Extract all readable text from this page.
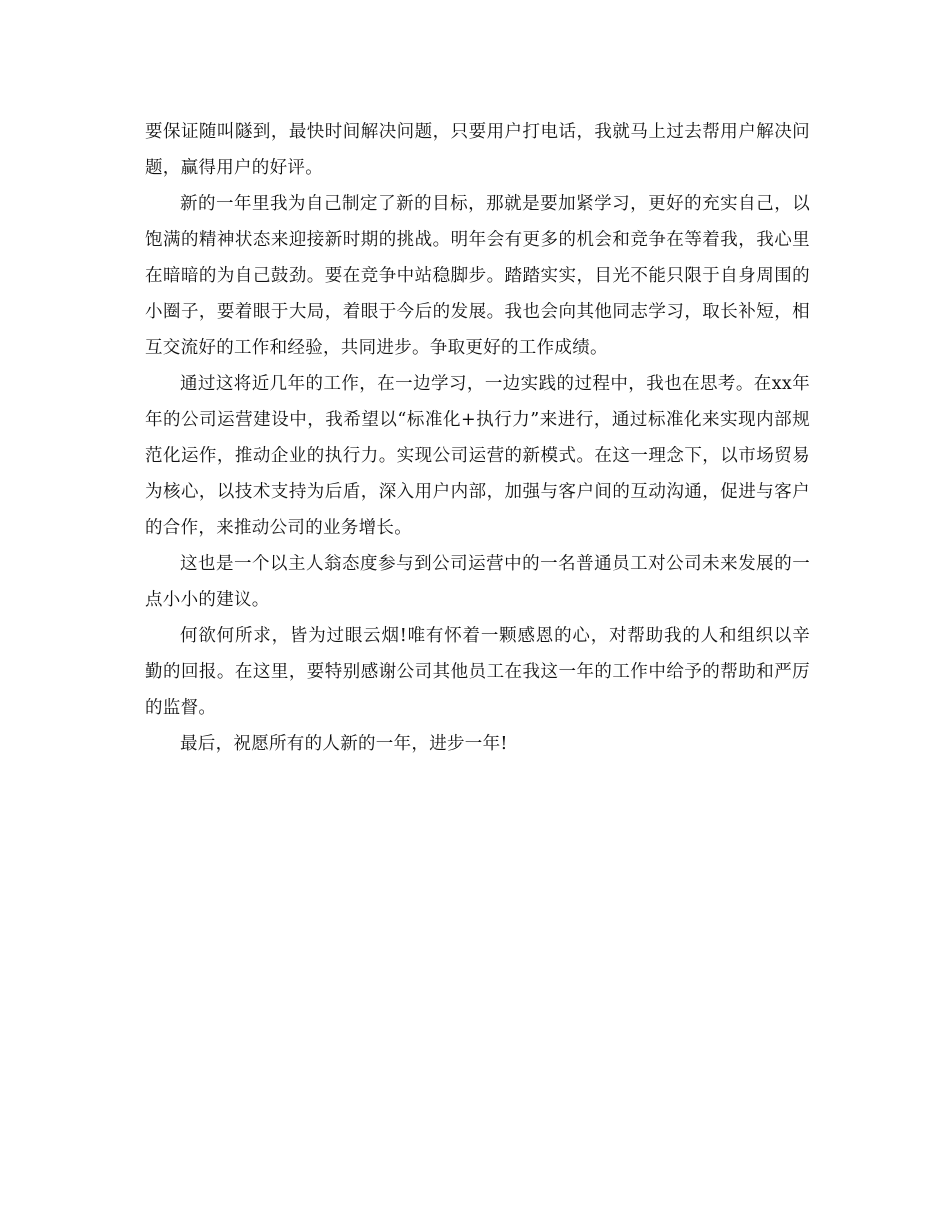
要保证随叫隧到，最快时间解决问题，只要用户打电话，我就马上过去帮用户解决问题，赢得用户的好评。

新的一年里我为自己制定了新的目标，那就是要加紧学习，更好的充实自己，以饱满的精神状态来迎接新时期的挑战。明年会有更多的机会和竞争在等着我，我心里在暗暗的为自己鼓劲。要在竞争中站稳脚步。踏踏实实，目光不能只限于自身周围的小圈子，要着眼于大局，着眼于今后的发展。我也会向其他同志学习，取长补短，相互交流好的工作和经验，共同进步。争取更好的工作成绩。

通过这将近几年的工作，在一边学习，一边实践的过程中，我也在思考。在xx年年的公司运营建设中，我希望以“标准化+执行力”来进行，通过标准化来实现内部规范化运作，推动企业的执行力。实现公司运营的新模式。在这一理念下，以市场贸易为核心，以技术支持为后盾，深入用户内部，加强与客户间的互动沟通，促进与客户的合作，来推动公司的业务增长。

这也是一个以主人翁态度参与到公司运营中的一名普通员工对公司未来发展的一点小小的建议。

何欲何所求，皆为过眼云烟!唯有怀着一颗感恩的心，对帮助我的人和组织以辛勤的回报。在这里，要特别感谢公司其他员工在我这一年的工作中给予的帮助和严厉的监督。

最后，祝愿所有的人新的一年，进步一年!
